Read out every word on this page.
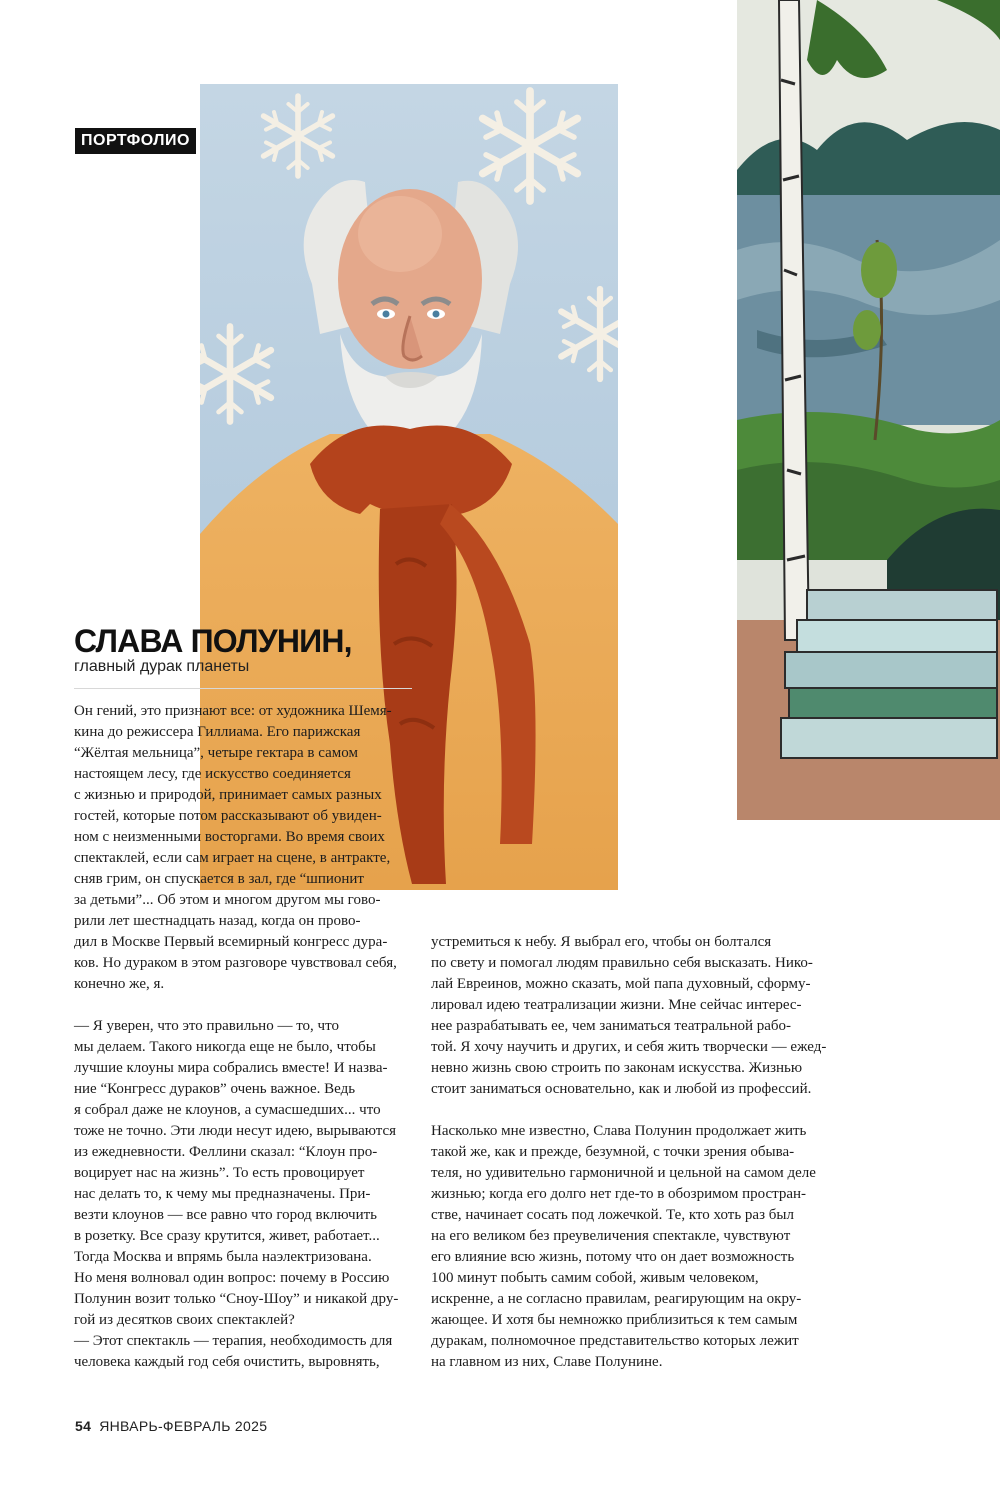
ПОРТФОЛИО
СЛАВА ПОЛУНИН,
главный дурак планеты
Он гений, это признают все: от художника Шемя-
кина до режиссера Гиллиама. Его парижская
“Жёлтая мельница”, четыре гектара в самом
настоящем лесу, где искусство соединяется
с жизнью и природой, принимает самых разных
гостей, которые потом рассказывают об увиден-
ном с неизменными восторгами. Во время своих
спектаклей, если сам играет на сцене, в антракте,
сняв грим, он спускается в зал, где “шпионит
за детьми”... Об этом и многом другом мы гово-
рили лет шестнадцать назад, когда он прово-
дил в Москве Первый всемирный конгресс дура-
ков. Но дураком в этом разговоре чувствовал себя,
конечно же, я.
— Я уверен, что это правильно — то, что
мы делаем. Такого никогда еще не было, чтобы
лучшие клоуны мира собрались вместе! И назва-
ние “Конгресс дураков” очень важное. Ведь
я собрал даже не клоунов, а сумасшедших... что
тоже не точно. Эти люди несут идею, вырываются
из ежедневности. Феллини сказал: “Клоун про-
воцирует нас на жизнь”. То есть провоцирует
нас делать то, к чему мы предназначены. При-
везти клоунов — все равно что город включить
в розетку. Все сразу крутится, живет, работает...
Тогда Москва и впрямь была наэлектризована.
Но меня волновал один вопрос: почему в Россию
Полунин возит только “Сноу-Шоу” и никакой дру-
гой из десятков своих спектаклей?
— Этот спектакль — терапия, необходимость для
человека каждый год себя очистить, выровнять,
устремиться к небу. Я выбрал его, чтобы он болтался
по свету и помогал людям правильно себя высказать. Нико-
лай Евреинов, можно сказать, мой папа духовный, сформу-
лировал идею театрализации жизни. Мне сейчас интерес-
нее разрабатывать ее, чем заниматься театральной рабо-
той. Я хочу научить и других, и себя жить творчески — ежед-
невно жизнь свою строить по законам искусства. Жизнью
стоит заниматься основательно, как и любой из профессий.
Насколько мне известно, Слава Полунин продолжает жить
такой же, как и прежде, безумной, с точки зрения обыва-
теля, но удивительно гармоничной и цельной на самом деле
жизнью; когда его долго нет где-то в обозримом простран-
стве, начинает сосать под ложечкой. Те, кто хоть раз был
на его великом без преувеличения спектакле, чувствуют
его влияние всю жизнь, потому что он дает возможность
100 минут побыть самим собой, живым человеком,
искренне, а не согласно правилам, реагирующим на окру-
жающее. И хотя бы немножко приблизиться к тем самым
дуракам, полномочное представительство которых лежит
на главном из них, Славе Полунине.
54 ЯНВАРЬ-ФЕВРАЛЬ 2025
